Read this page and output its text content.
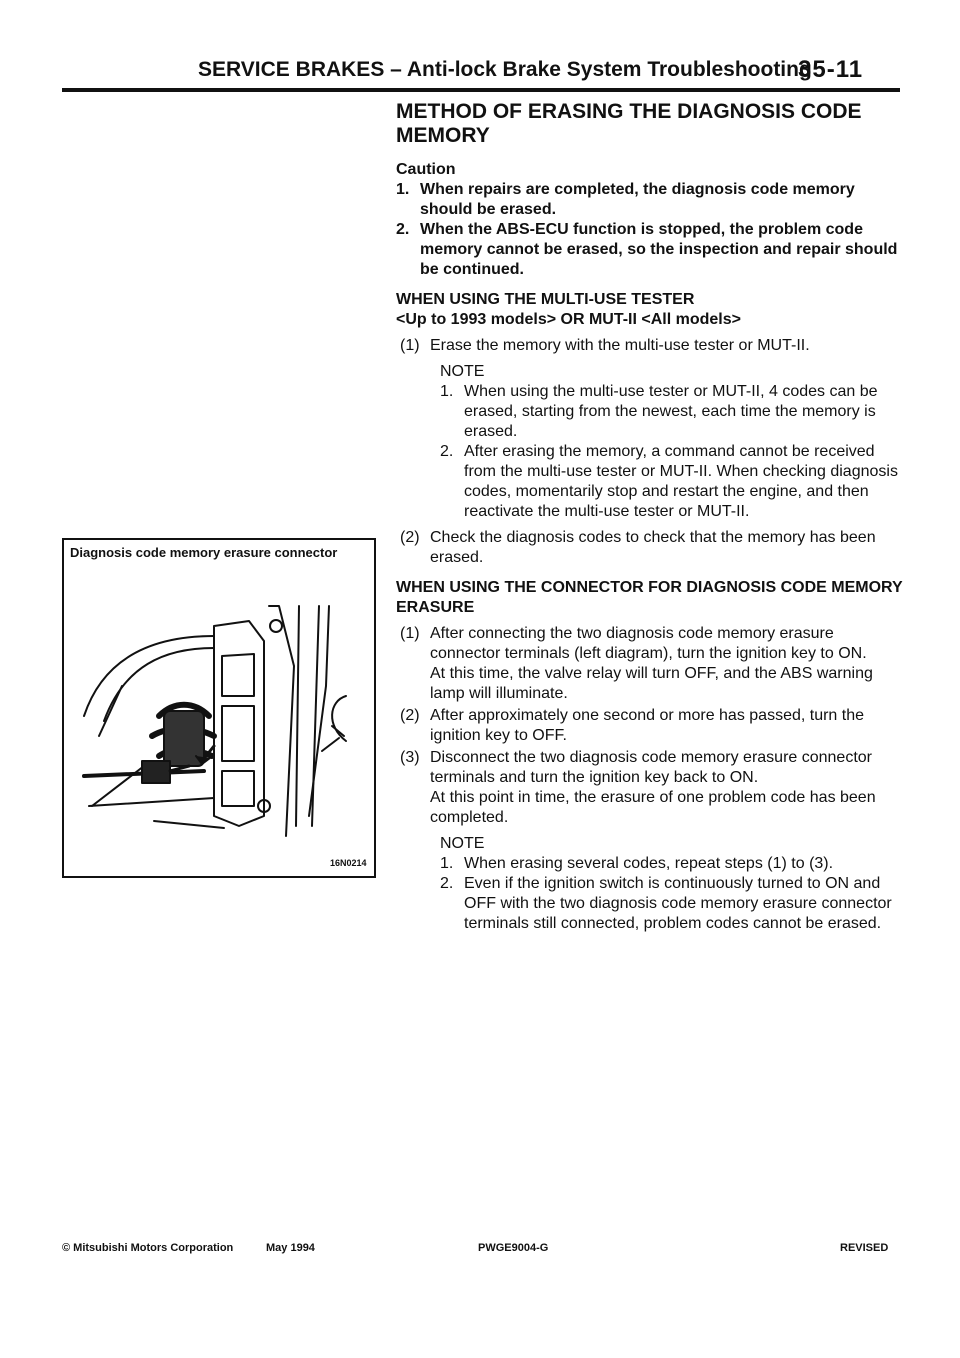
SERVICE BRAKES – Anti-lock Brake System Troubleshooting
35-11

METHOD OF ERASING THE DIAGNOSIS CODE MEMORY

Caution

1. When repairs are completed, the diagnosis code memory should be erased.
2. When the ABS-ECU function is stopped, the problem code memory cannot be erased, so the inspection and repair should be continued.

WHEN USING THE MULTI-USE TESTER

<Up to 1993 models> OR MUT-II <All models>

(1) Erase the memory with the multi-use tester or MUT-II.

NOTE

1. When using the multi-use tester or MUT-II, 4 codes can be erased, starting from the newest, each time the memory is erased.
2. After erasing the memory, a command cannot be received from the multi-use tester or MUT-II. When checking diagnosis codes, momentarily stop and restart the engine, and then reactivate the multi-use tester or MUT-II.
(2) Check the diagnosis codes to check that the memory has been erased.

WHEN USING THE CONNECTOR FOR DIAGNOSIS CODE MEMORY ERASURE

(1) After connecting the two diagnosis code memory erasure connector terminals (left diagram), turn the ignition key to ON.
At this time, the valve relay will turn OFF, and the ABS warning lamp will illuminate.
(2) After approximately one second or more has passed, turn the ignition key to OFF.
(3) Disconnect the two diagnosis code memory erasure connector terminals and turn the ignition key back to ON.
At this point in time, the erasure of one problem code has been completed.

NOTE

1. When erasing several codes, repeat steps (1) to (3).
2. Even if the ignition switch is continuously turned to ON and OFF with the two diagnosis code memory erasure connector terminals still connected, problem codes cannot be erased.
Diagnosis code memory erasure connector
16N0214
© Mitsubishi Motors Corporation	May 1994	PWGE9004-G	REVISED
